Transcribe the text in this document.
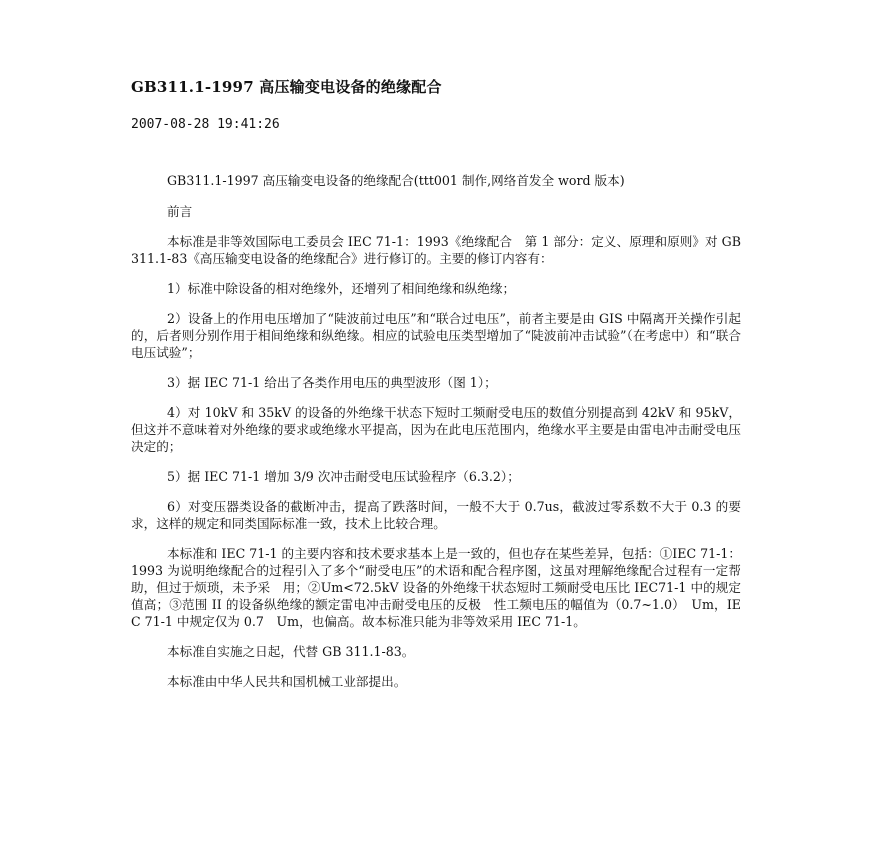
GB311.1-1997 高压输变电设备的绝缘配合
2007-08-28 19:41:26

GB311.1-1997 高压输变电设备的绝缘配合(ttt001 制作,网络首发全 word 版本)

前言

本标准是非等效国际电工委员会 IEC 71-1：1993《绝缘配合　第 1 部分：定义、原理和原则》对 GB 311.1-83《高压输变电设备的绝缘配合》进行修订的。主要的修订内容有：

1）标准中除设备的相对绝缘外，还增列了相间绝缘和纵绝缘；

2）设备上的作用电压增加了“陡波前过电压”和“联合过电压”，前者主要是由 GIS 中隔离开关操作引起的，后者则分别作用于相间绝缘和纵绝缘。相应的试验电压类型增加了“陡波前冲击试验”（在考虑中）和“联合电压试验”；

3）据 IEC 71-1 给出了各类作用电压的典型波形（图 1）；

4）对 10kV 和 35kV 的设备的外绝缘干状态下短时工频耐受电压的数值分别提高到 42kV 和 95kV，但这并不意味着对外绝缘的要求或绝缘水平提高，因为在此电压范围内，绝缘水平主要是由雷电冲击耐受电压决定的；

5）据 IEC 71-1 增加 3/9 次冲击耐受电压试验程序（6.3.2）；

6）对变压器类设备的截断冲击，提高了跌落时间，一般不大于 0.7us，截波过零系数不大于 0.3 的要求，这样的规定和同类国际标准一致，技术上比较合理。

本标准和 IEC 71-1 的主要内容和技术要求基本上是一致的，但也存在某些差异，包括：①IEC 71-1：1993 为说明绝缘配合的过程引入了多个“耐受电压”的术语和配合程序图，这虽对理解绝缘配合过程有一定帮助，但过于烦琐，未予采　用；②Um<72.5kV 设备的外绝缘干状态短时工频耐受电压比 IEC71-1 中的规定值高；③范围 II 的设备纵绝缘的额定雷电冲击耐受电压的反极　性工频电压的幅值为（0.7~1.0）　Um，IEC 71-1 中规定仅为 0.7　Um，也偏高。故本标准只能为非等效采用 IEC 71-1。

本标准自实施之日起，代替 GB 311.1-83。

本标准由中华人民共和国机械工业部提出。
